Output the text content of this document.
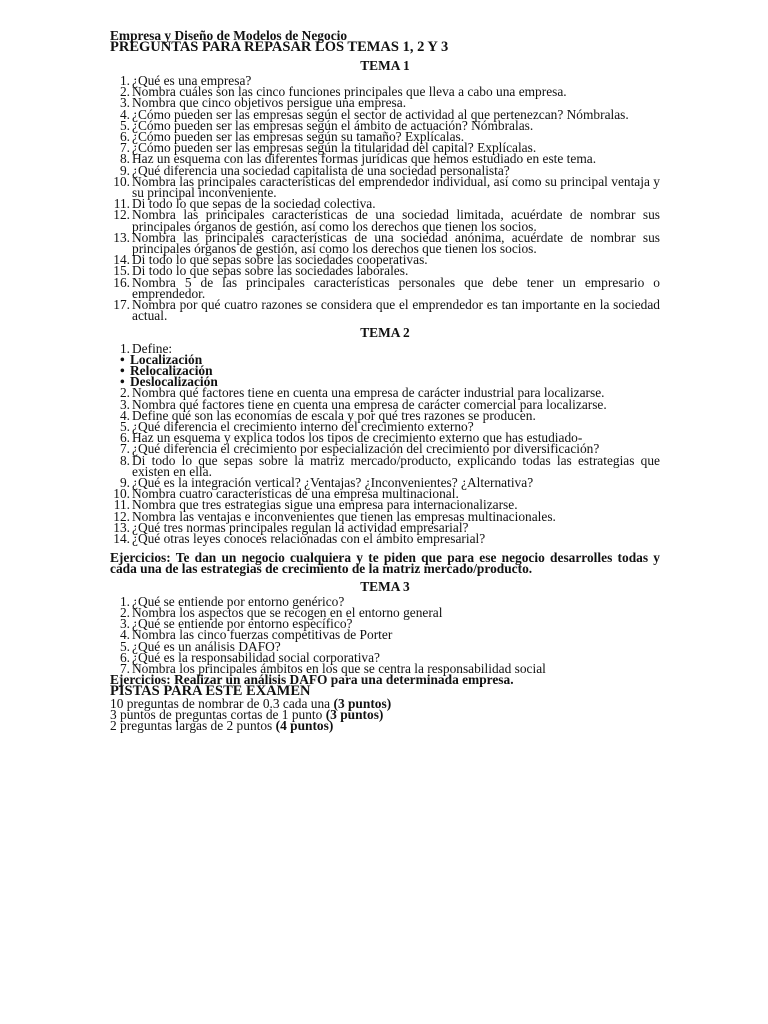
Empresa y Diseño de Modelos de Negocio
PREGUNTAS PARA REPASAR LOS TEMAS 1, 2 Y 3
TEMA 1
1. ¿Qué es una empresa?
2. Nombra cuáles son las cinco funciones principales que lleva a cabo una empresa.
3. Nombra que cinco objetivos persigue una empresa.
4. ¿Cómo pueden ser las empresas según el sector de actividad al que pertenezcan? Nómbralas.
5. ¿Cómo pueden ser las empresas según el ámbito de actuación? Nómbralas.
6. ¿Cómo pueden ser las empresas según su tamaño? Explícalas.
7. ¿Cómo pueden ser las empresas según la titularidad del capital? Explícalas.
8. Haz un esquema con las diferentes formas jurídicas que hemos estudiado en este tema.
9. ¿Qué diferencia una sociedad capitalista de una sociedad personalista?
10. Nombra las principales características del emprendedor individual, así como su principal ventaja y su principal inconveniente.
11. Di todo lo que sepas de la sociedad colectiva.
12. Nombra las principales características de una sociedad limitada, acuérdate de nombrar sus principales órganos de gestión, así como los derechos que tienen los socios.
13. Nombra las principales características de una sociedad anónima, acuérdate de nombrar sus principales órganos de gestión, así como los derechos que tienen los socios.
14. Di todo lo que sepas sobre las sociedades cooperativas.
15. Di todo lo que sepas sobre las sociedades laborales.
16. Nombra 5 de las principales características personales que debe tener un empresario o emprendedor.
17. Nombra por qué cuatro razones se considera que el emprendedor es tan importante en la sociedad actual.
TEMA 2
1. Define:
• Localización
• Relocalización
• Deslocalización
2. Nombra qué factores tiene en cuenta una empresa de carácter industrial para localizarse.
3. Nombra qué factores tiene en cuenta una empresa de carácter comercial para localizarse.
4. Define qué son las economías de escala y por qué tres razones se producen.
5. ¿Qué diferencia el crecimiento interno del crecimiento externo?
6. Haz un esquema y explica todos los tipos de crecimiento externo que has estudiado-
7. ¿Qué diferencia el crecimiento por especialización del crecimiento por diversificación?
8. Di todo lo que sepas sobre la matriz mercado/producto, explicando todas las estrategias que existen en ella.
9. ¿Qué es la integración vertical? ¿Ventajas? ¿Inconvenientes? ¿Alternativa?
10. Nombra cuatro características de una empresa multinacional.
11. Nombra que tres estrategias sigue una empresa para internacionalizarse.
12. Nombra las ventajas e inconvenientes que tienen las empresas multinacionales.
13. ¿Qué tres normas principales regulan la actividad empresarial?
14. ¿Qué otras leyes conoces relacionadas con el ámbito empresarial?
Ejercicios: Te dan un negocio cualquiera y te piden que para ese negocio desarrolles todas y cada una de las estrategias de crecimiento de la matriz mercado/producto.
TEMA 3
1. ¿Qué se entiende por entorno genérico?
2. Nombra los aspectos que se recogen en el entorno general
3. ¿Qué se entiende por entorno específico?
4. Nombra las cinco fuerzas competitivas de Porter
5. ¿Qué es un análisis DAFO?
6. ¿Qué es la responsabilidad social corporativa?
7. Nombra los principales ámbitos en los que se centra la responsabilidad social
Ejercicios: Realizar un análisis DAFO para una determinada empresa.
PISTAS PARA ESTE EXAMEN
10 preguntas de nombrar de 0.3 cada una (3 puntos)
3 puntos de preguntas cortas de 1 punto (3 puntos)
2 preguntas largas de 2 puntos (4 puntos)
